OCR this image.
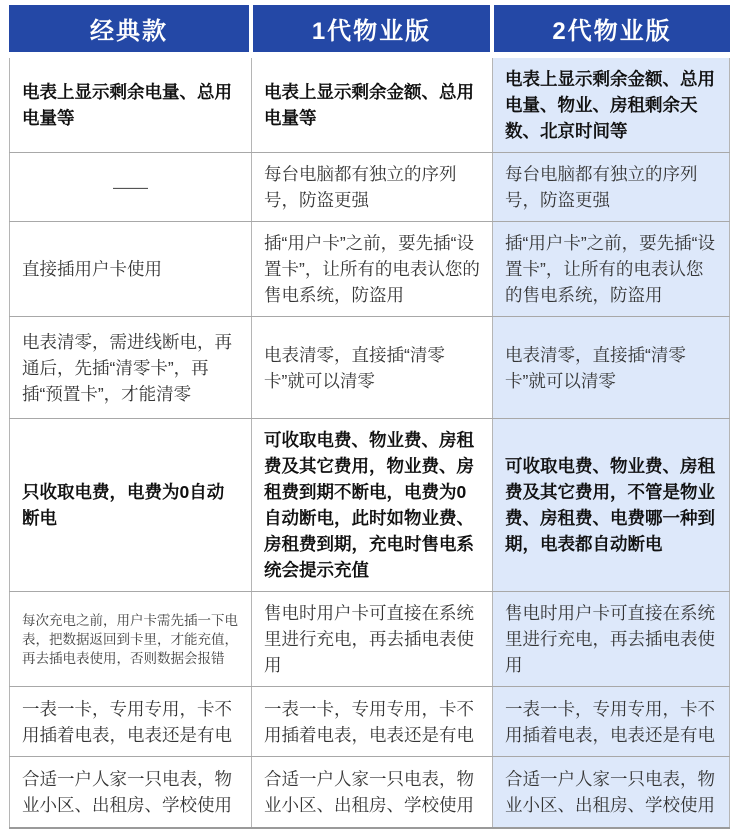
经典款	1代物业版	2代物业版
电表上显示剩余电量、总用电量等
电表上显示剩余金额、总用电量等
电表上显示剩余金额、总用电量、物业、房租剩余天数、北京时间等
——
每台电脑都有独立的序列号，防盗更强
每台电脑都有独立的序列号，防盗更强
直接插用户卡使用
插“用户卡”之前，要先插“设置卡”，让所有的电表认您的售电系统，防盗用
插“用户卡”之前，要先插“设置卡”，让所有的电表认您的售电系统，防盗用
电表清零，需进线断电，再通后，先插“清零卡”，再插“预置卡”，才能清零
电表清零，直接插“清零卡”就可以清零
电表清零，直接插“清零卡”就可以清零
只收取电费，电费为0自动断电
可收取电费、物业费、房租费及其它费用，物业费、房租费到期不断电，电费为0自动断电，此时如物业费、房租费到期，充电时售电系统会提示充值
可收取电费、物业费、房租费及其它费用，不管是物业费、房租费、电费哪一种到期，电表都自动断电
每次充电之前，用户卡需先插一下电表，把数据返回到卡里，才能充值，再去插电表使用，否则数据会报错
售电时用户卡可直接在系统里进行充电，再去插电表使用
售电时用户卡可直接在系统里进行充电，再去插电表使用
一表一卡，专用专用，卡不用插着电表，电表还是有电
一表一卡，专用专用，卡不用插着电表，电表还是有电
一表一卡，专用专用，卡不用插着电表，电表还是有电
合适一户人家一只电表，物业小区、出租房、学校使用
合适一户人家一只电表，物业小区、出租房、学校使用
合适一户人家一只电表，物业小区、出租房、学校使用
